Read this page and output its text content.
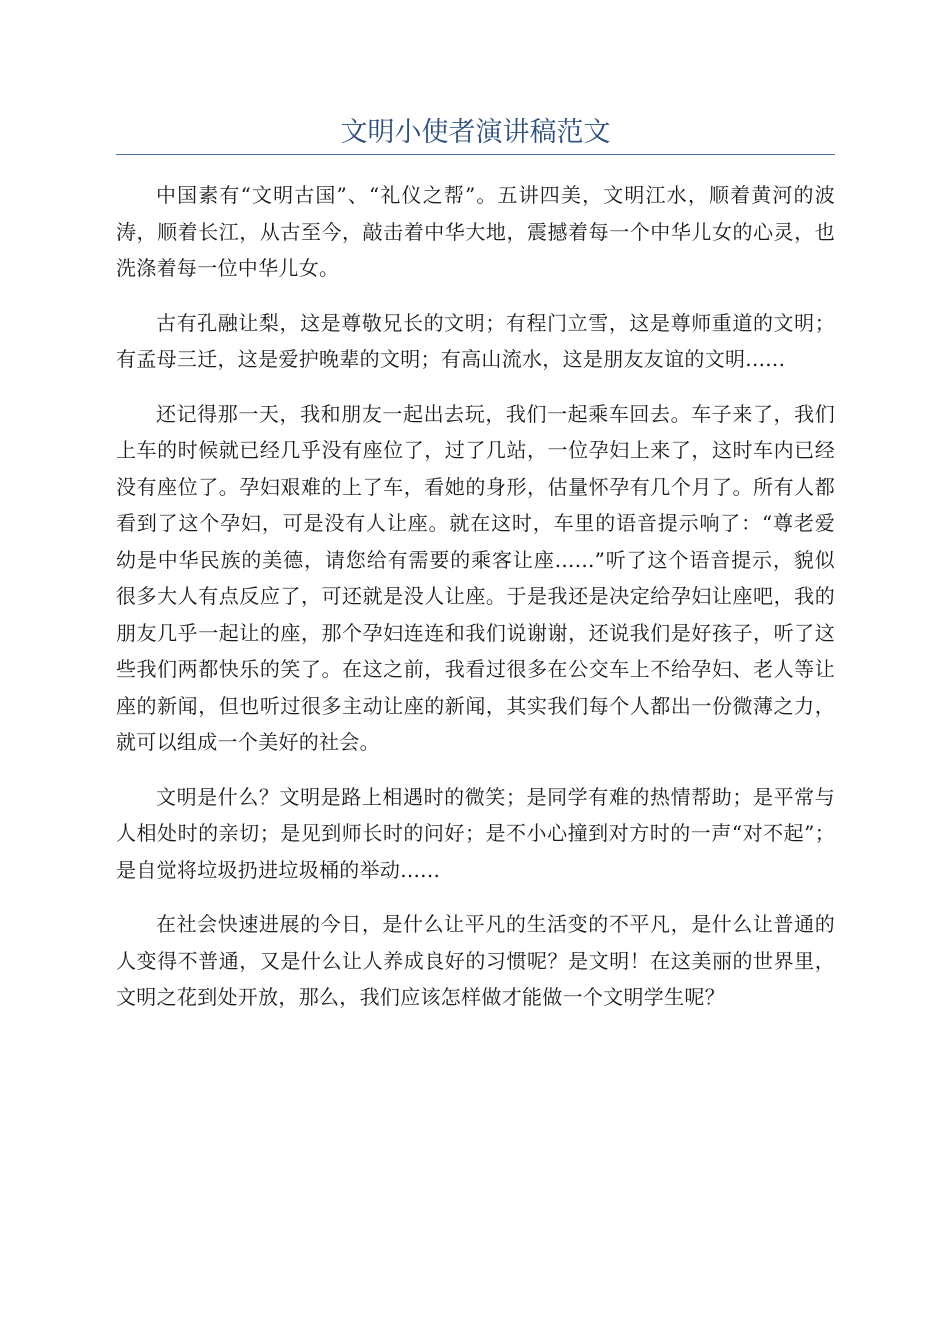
文明小使者演讲稿范文

中国素有“文明古国”、“礼仪之帮”。五讲四美，文明江水，顺着黄河的波涛，顺着长江，从古至今，敲击着中华大地，震撼着每一个中华儿女的心灵，也洗涤着每一位中华儿女。

古有孔融让梨，这是尊敬兄长的文明；有程门立雪，这是尊师重道的文明；有孟母三迁，这是爱护晚辈的文明；有高山流水，这是朋友友谊的文明......

还记得那一天，我和朋友一起出去玩，我们一起乘车回去。车子来了，我们上车的时候就已经几乎没有座位了，过了几站，一位孕妇上来了，这时车内已经没有座位了。孕妇艰难的上了车，看她的身形，估量怀孕有几个月了。所有人都看到了这个孕妇，可是没有人让座。就在这时，车里的语音提示响了：“尊老爱幼是中华民族的美德，请您给有需要的乘客让座......”听了这个语音提示，貌似很多大人有点反应了，可还就是没人让座。于是我还是决定给孕妇让座吧，我的朋友几乎一起让的座，那个孕妇连连和我们说谢谢，还说我们是好孩子，听了这些我们两都快乐的笑了。在这之前，我看过很多在公交车上不给孕妇、老人等让座的新闻，但也听过很多主动让座的新闻，其实我们每个人都出一份微薄之力，就可以组成一个美好的社会。

文明是什么？文明是路上相遇时的微笑；是同学有难的热情帮助；是平常与人相处时的亲切；是见到师长时的问好；是不小心撞到对方时的一声“对不起”；是自觉将垃圾扔进垃圾桶的举动......

在社会快速进展的今日，是什么让平凡的生活变的不平凡，是什么让普通的人变得不普通，又是什么让人养成良好的习惯呢？是文明！在这美丽的世界里，文明之花到处开放，那么，我们应该怎样做才能做一个文明学生呢？
